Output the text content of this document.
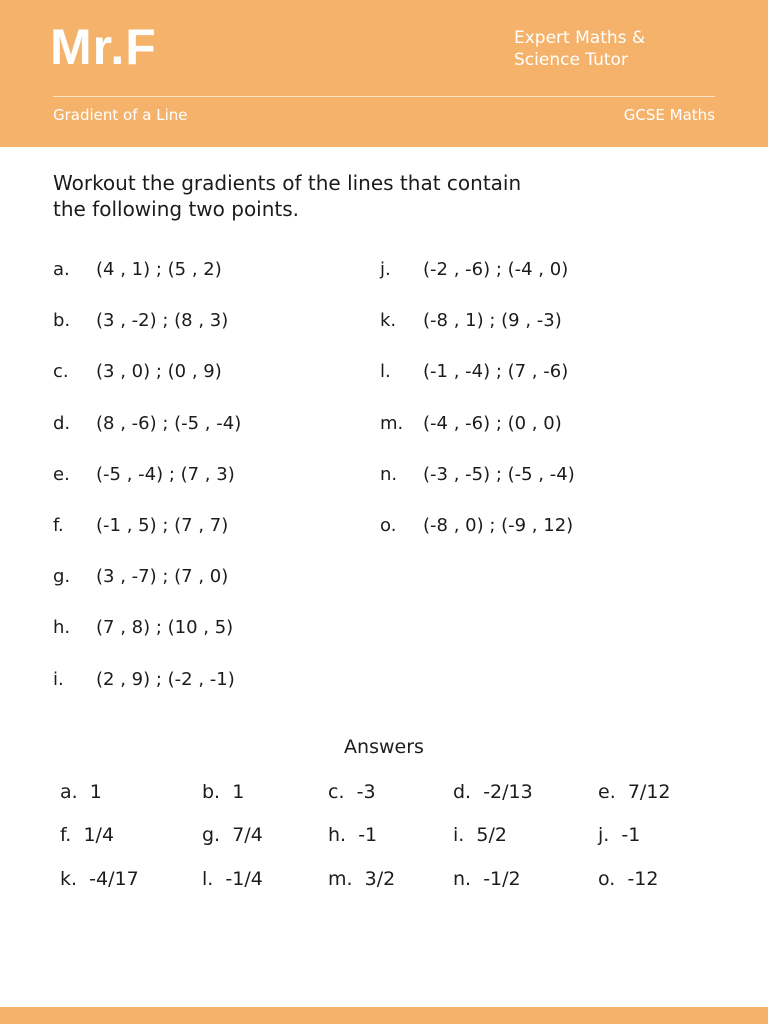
Mr.F	Expert Maths &
Science Tutor
Gradient of a Line	GCSE Maths
Workout the gradients of the lines that contain
the following two points.
a. (4 , 1) ; (5 , 2)
b. (3 , -2) ; (8 , 3)
c. (3 , 0) ; (0 , 9)
d. (8 , -6) ; (-5 , -4)
e. (-5 , -4) ; (7 , 3)
f. (-1 , 5) ; (7 , 7)
g. (3 , -7) ; (7 , 0)
h. (7 , 8) ; (10 , 5)
i. (2 , 9) ; (-2 , -1)
j. (-2 , -6) ; (-4 , 0)
k. (-8 , 1) ; (9 , -3)
l. (-1 , -4) ; (7 , -6)
m. (-4 , -6) ; (0 , 0)
n. (-3 , -5) ; (-5 , -4)
o. (-8 , 0) ; (-9 , 12)
Answers
a. 1	b. 1	c. -3	d. -2/13	e. 7/12
f. 1/4	g. 7/4	h. -1	i. 5/2	j. -1
k. -4/17	l. -1/4	m. 3/2	n. -1/2	o. -12
